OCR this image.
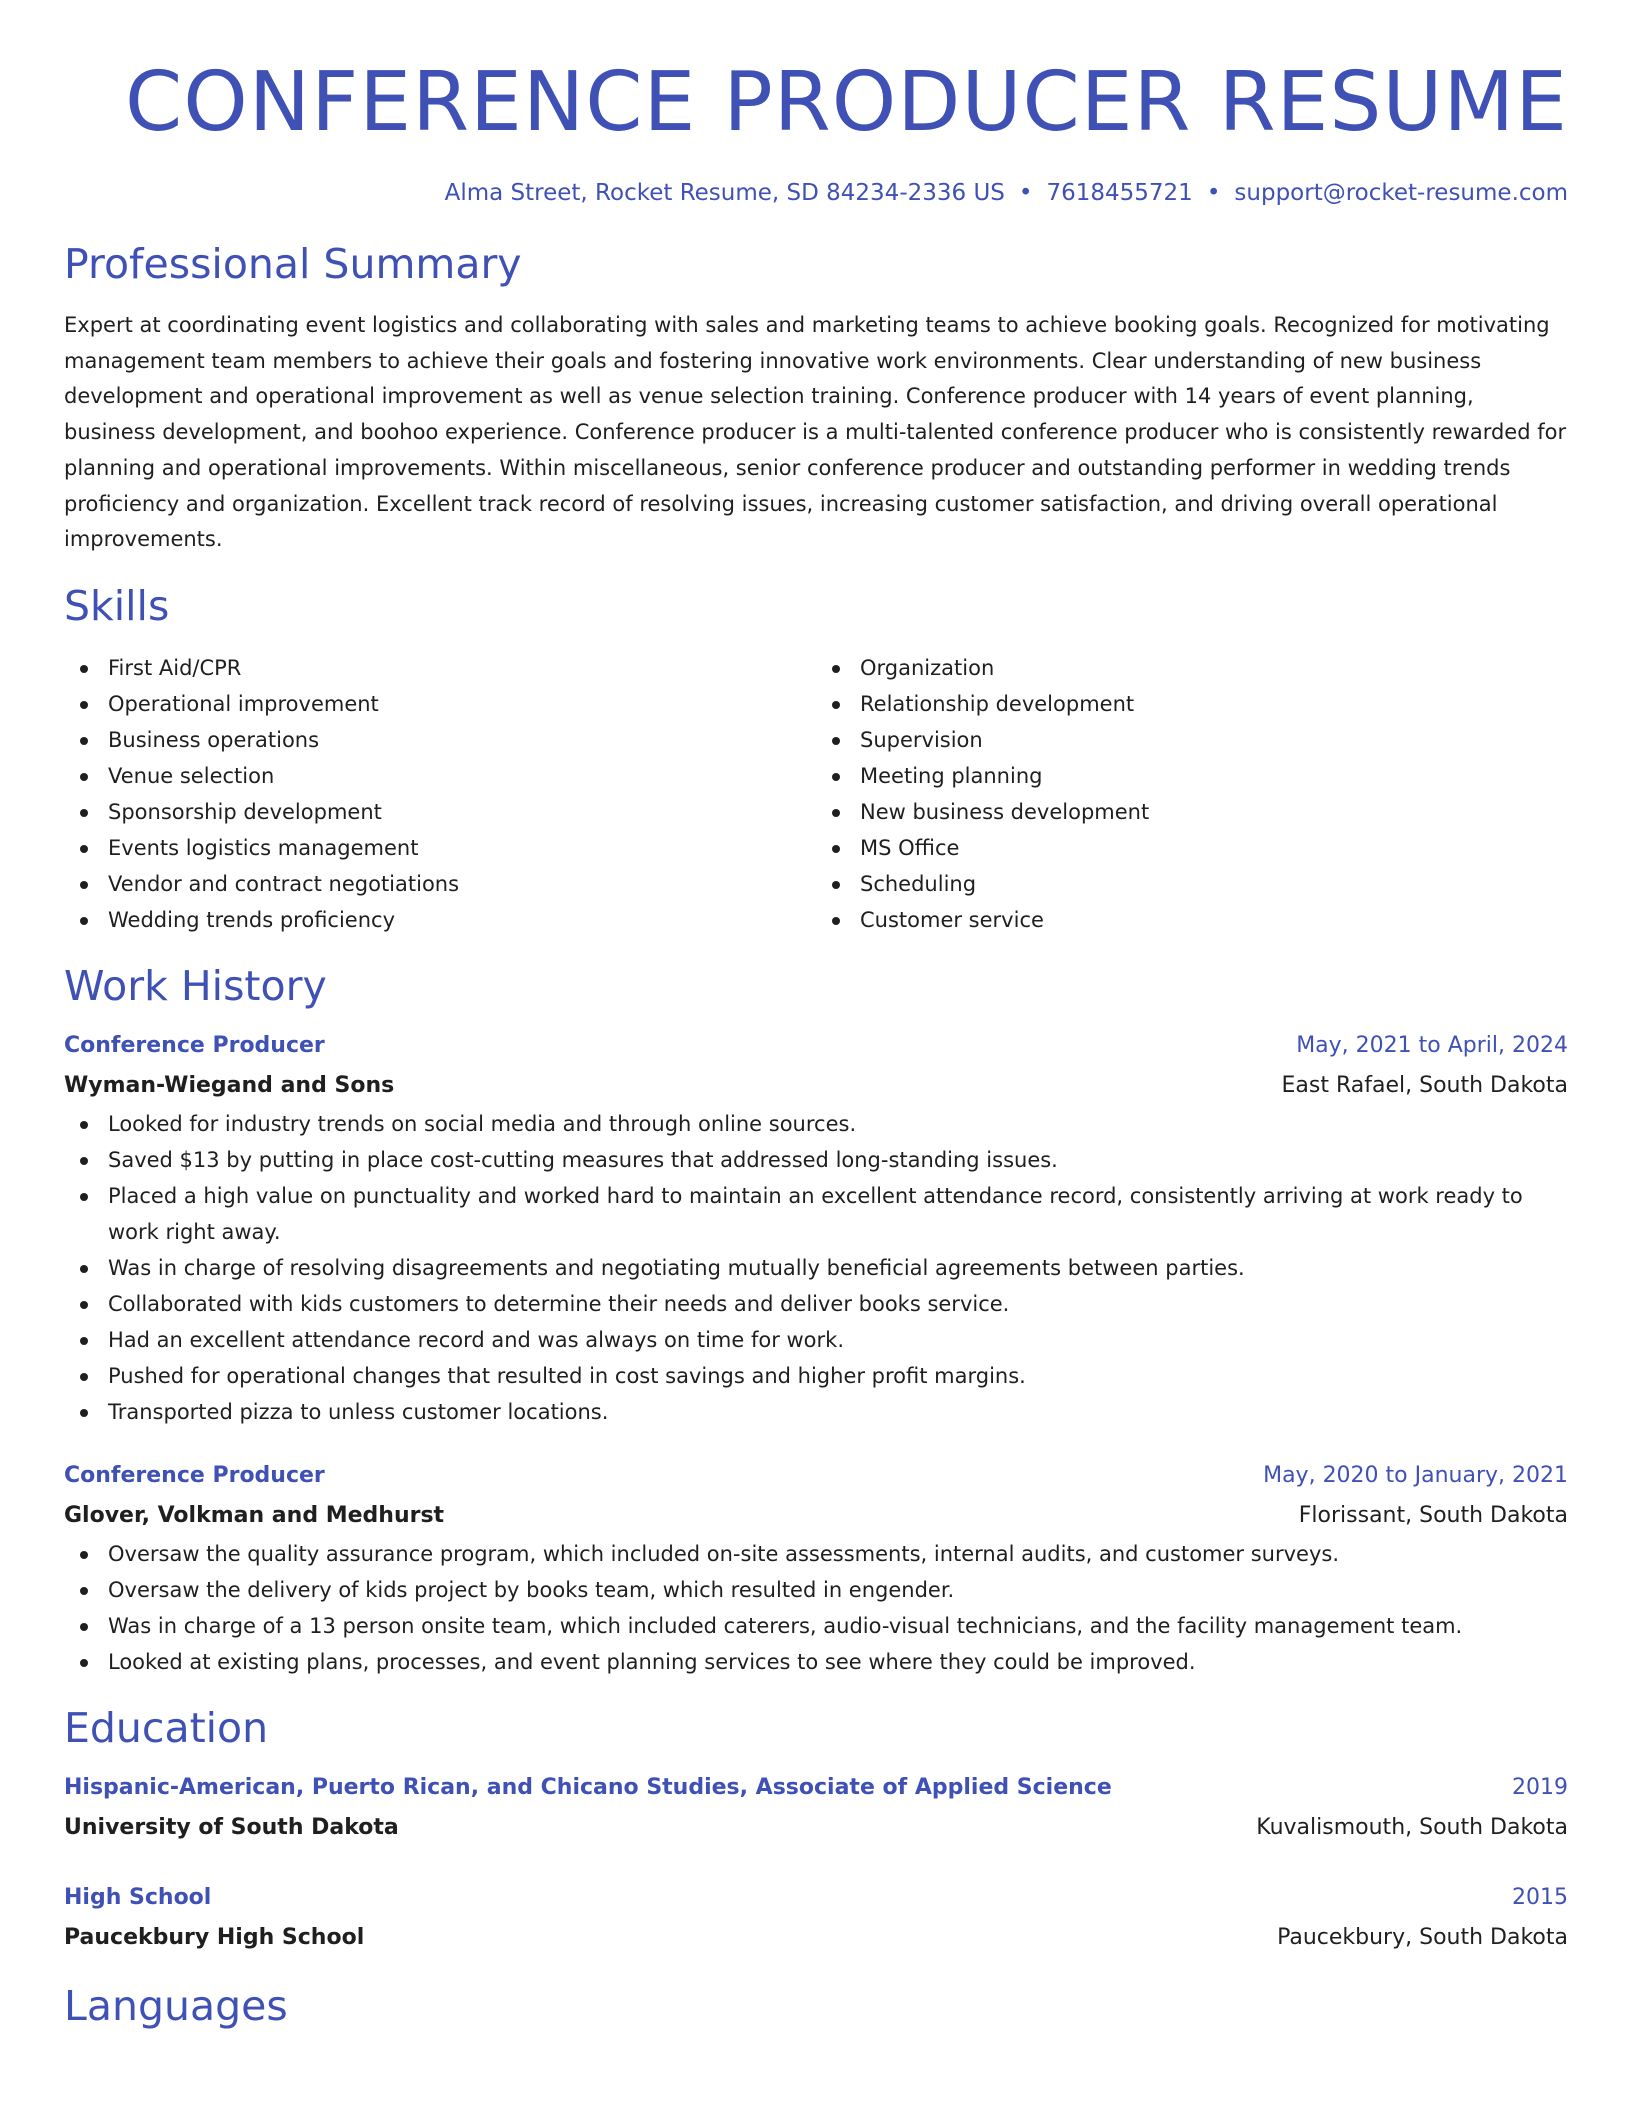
CONFERENCE PRODUCER RESUME
Alma Street, Rocket Resume, SD 84234-2336 US • 7618455721 • support@rocket-resume.com
Professional Summary

Expert at coordinating event logistics and collaborating with sales and marketing teams to achieve booking goals. Recognized for motivating management team members to achieve their goals and fostering innovative work environments. Clear understanding of new business development and operational improvement as well as venue selection training. Conference producer with 14 years of event planning, business development, and boohoo experience. Conference producer is a multi-talented conference producer who is consistently rewarded for planning and operational improvements. Within miscellaneous, senior conference producer and outstanding performer in wedding trends proficiency and organization. Excellent track record of resolving issues, increasing customer satisfaction, and driving overall operational improvements.

Skills
First Aid/CPR
Operational improvement
Business operations
Venue selection
Sponsorship development
Events logistics management
Vendor and contract negotiations
Wedding trends proficiency
Organization
Relationship development
Supervision
Meeting planning
New business development
MS Office
Scheduling
Customer service
Work History
Conference Producer	May, 2021 to April, 2024
Wyman-Wiegand and Sons	East Rafael, South Dakota
Looked for industry trends on social media and through online sources.
Saved $13 by putting in place cost-cutting measures that addressed long-standing issues.
Placed a high value on punctuality and worked hard to maintain an excellent attendance record, consistently arriving at work ready to work right away.
Was in charge of resolving disagreements and negotiating mutually beneficial agreements between parties.
Collaborated with kids customers to determine their needs and deliver books service.
Had an excellent attendance record and was always on time for work.
Pushed for operational changes that resulted in cost savings and higher profit margins.
Transported pizza to unless customer locations.
Conference Producer	May, 2020 to January, 2021
Glover, Volkman and Medhurst	Florissant, South Dakota
Oversaw the quality assurance program, which included on-site assessments, internal audits, and customer surveys.
Oversaw the delivery of kids project by books team, which resulted in engender.
Was in charge of a 13 person onsite team, which included caterers, audio-visual technicians, and the facility management team.
Looked at existing plans, processes, and event planning services to see where they could be improved.
Education
Hispanic-American, Puerto Rican, and Chicano Studies, Associate of Applied Science	2019
University of South Dakota	Kuvalismouth, South Dakota
High School	2015
Paucekbury High School	Paucekbury, South Dakota
Languages
